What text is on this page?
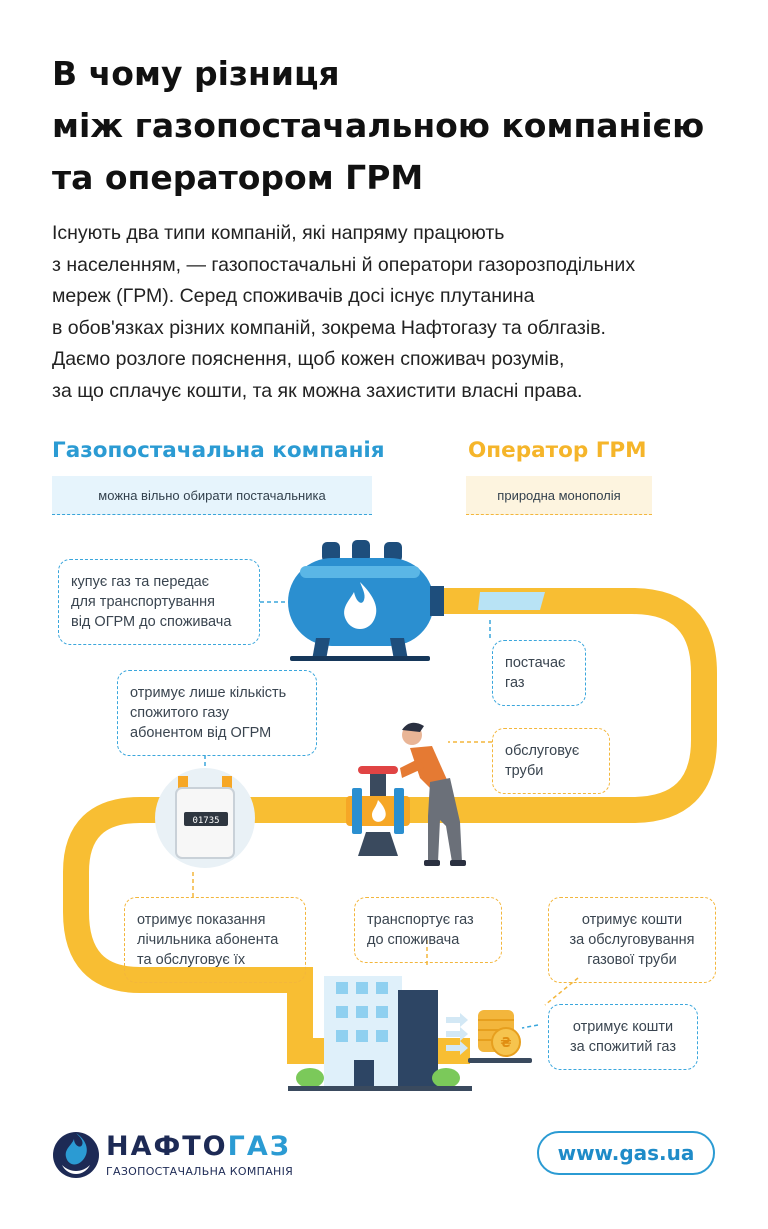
В чому різниця
між газопостачальною компанією
та оператором ГРМ

Існують два типи компаній, які напряму працюють
з населенням, — газопостачальні й оператори газорозподільних
мереж (ГРМ). Серед споживачів досі існує плутанина
в обов'язках різних компаній, зокрема Нафтогазу та облгазів.
Даємо розлоге пояснення, щоб кожен споживач розумів,
за що сплачує кошти, та як можна захистити власні права.

Газопостачальна компанія
можна вільно обирати постачальника
Оператор ГРМ
природна монополія
01735
₴
купує газ та передає
для транспортування
від ОГРМ до споживача
постачає
газ
отримує лише кількість
спожитого газу
абонентом від ОГРМ
обслуговує
труби
отримує показання
лічильника абонента
та обслуговує їх
транспортує газ
до споживача
отримує кошти
за обслуговування
газової труби
отримує кошти
за спожитий газ
НАФТОГАЗ
ГАЗОПОСТАЧАЛЬНА КОМПАНІЯ
www.gas.ua
